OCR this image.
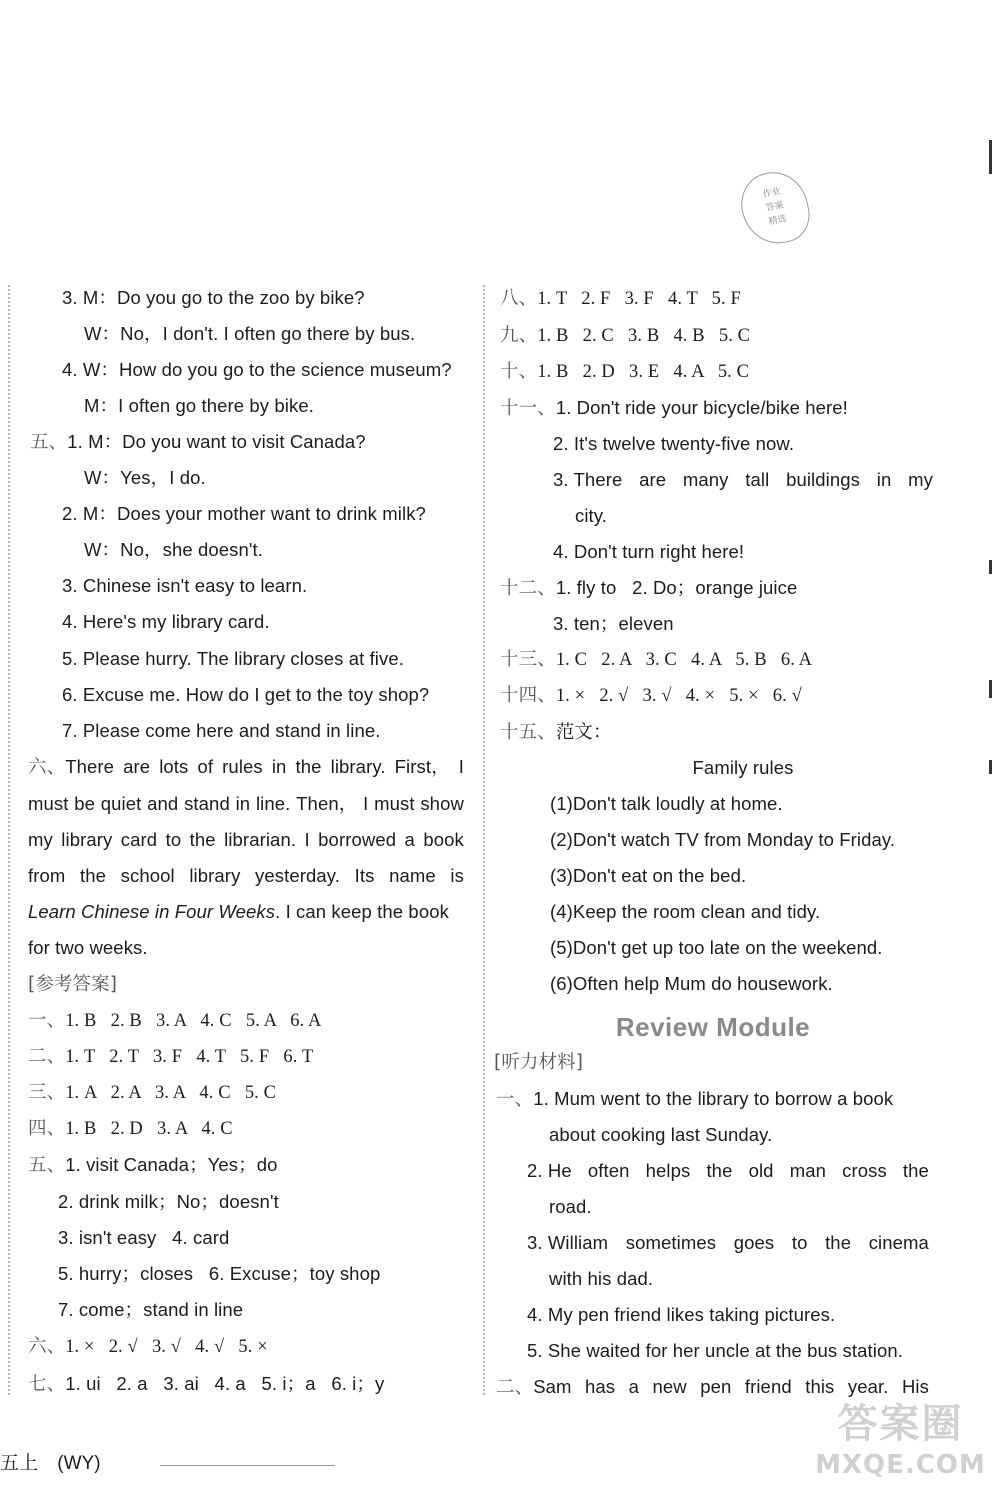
作业
答案
精选
3. M：Do you go to the zoo by bike?
W：No，I don't. I often go there by bus.
4. W：How do you go to the science museum?
M：I often go there by bike.
五、1. M：Do you want to visit Canada?
W：Yes，I do.
2. M：Does your mother want to drink milk?
W：No，she doesn't.
3. Chinese isn't easy to learn.
4. Here's my library card.
5. Please hurry. The library closes at five.
6. Excuse me. How do I get to the toy shop?
7. Please come here and stand in line.
六、There are lots of rules in the library. First， I
must be quiet and stand in line. Then， I must show
my library card to the librarian. I borrowed a book
from the school library yesterday. Its name is
Learn Chinese in Four Weeks. I can keep the book
for two weeks.
[参考答案]
一、1. B   2. B   3. A   4. C   5. A   6. A
二、1. T   2. T   3. F   4. T   5. F   6. T
三、1. A   2. A   3. A   4. C   5. C
四、1. B   2. D   3. A   4. C
五、1. visit Canada；Yes；do
2. drink milk；No；doesn't
3. isn't easy   4. card
5. hurry；closes   6. Excuse；toy shop
7. come；stand in line
六、1. ×   2. √   3. √   4. √   5. ×
七、1. ui   2. a   3. ai   4. a   5. i；a   6. i；y
八、1. T   2. F   3. F   4. T   5. F
九、1. B   2. C   3. B   4. B   5. C
十、1. B   2. D   3. E   4. A   5. C
十一、1. Don't ride your bicycle/bike here!
2. It's twelve twenty-five now.
3. There are many tall buildings in my
city.
4. Don't turn right here!
十二、1. fly to   2. Do；orange juice
3. ten；eleven
十三、1. C   2. A   3. C   4. A   5. B   6. A
十四、1. ×   2. √   3. √   4. ×   5. ×   6. √
十五、范文：
Family rules
(1)Don't talk loudly at home.
(2)Don't watch TV from Monday to Friday.
(3)Don't eat on the bed.
(4)Keep the room clean and tidy.
(5)Don't get up too late on the weekend.
(6)Often help Mum do housework.
Review Module
[听力材料]
一、1. Mum went to the library to borrow a book
about cooking last Sunday.
2. He often helps the old man cross the
road.
3. William sometimes goes to the cinema
with his dad.
4. My pen friend likes taking pictures.
5. She waited for her uncle at the bus station.
二、Sam has a new pen friend this year. His
五上 (WY)
答案圈
MXQE.COM
